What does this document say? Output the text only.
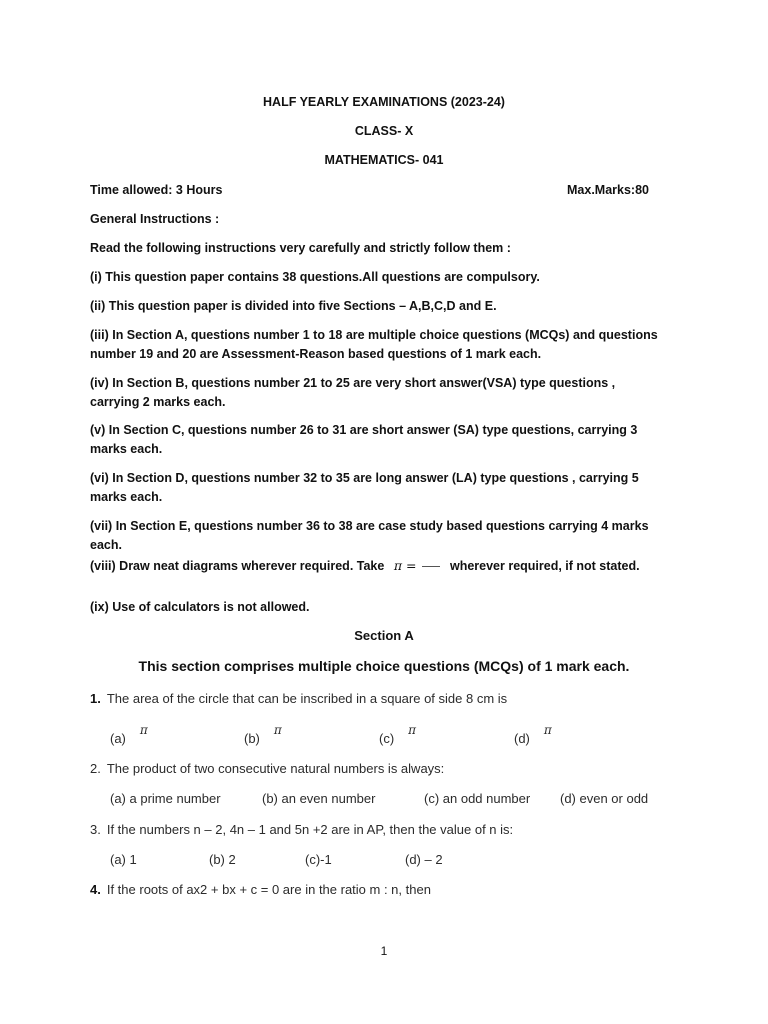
HALF YEARLY EXAMINATIONS (2023-24)
CLASS- X
MATHEMATICS- 041
Time allowed: 3 Hours	Max.Marks:80
General Instructions :
Read the following instructions very carefully and strictly follow them :
(i) This question paper contains 38 questions.All questions are compulsory.
(ii) This question paper is divided into five Sections – A,B,C,D and E.
(iii) In Section A, questions number 1 to 18 are multiple choice questions (MCQs) and questions number 19 and 20 are Assessment-Reason based questions of 1 mark each.
(iv) In Section B, questions number 21 to 25 are very short answer(VSA) type questions , carrying 2 marks each.
(v) In Section C, questions number 26 to 31 are short answer (SA) type questions, carrying 3 marks each.
(vi) In Section D, questions number 32 to 35 are long answer (LA) type questions , carrying 5 marks each.
(vii) In Section E, questions number 36 to 38 are case study based questions carrying 4 marks each.
(viii) Draw neat diagrams wherever required. Take π =	wherever required, if not stated.
(ix) Use of calculators is not allowed.
Section A
This section comprises multiple choice questions (MCQs) of 1 mark each.
1. The area of the circle that can be inscribed in a square of side 8 cm is
(a)π
(b)π
(c)π
(d)π
2. The product of two consecutive natural numbers is always:
(a) a prime number	(b) an even number	(c) an odd number (d) even or odd
3. If the numbers n – 2, 4n – 1 and 5n +2 are in AP, then the value of n is:
(a) 1	(b) 2	(c)-1	(d) – 2
4. If the roots of ax2 + bx + c = 0 are in the ratio m : n, then
1
